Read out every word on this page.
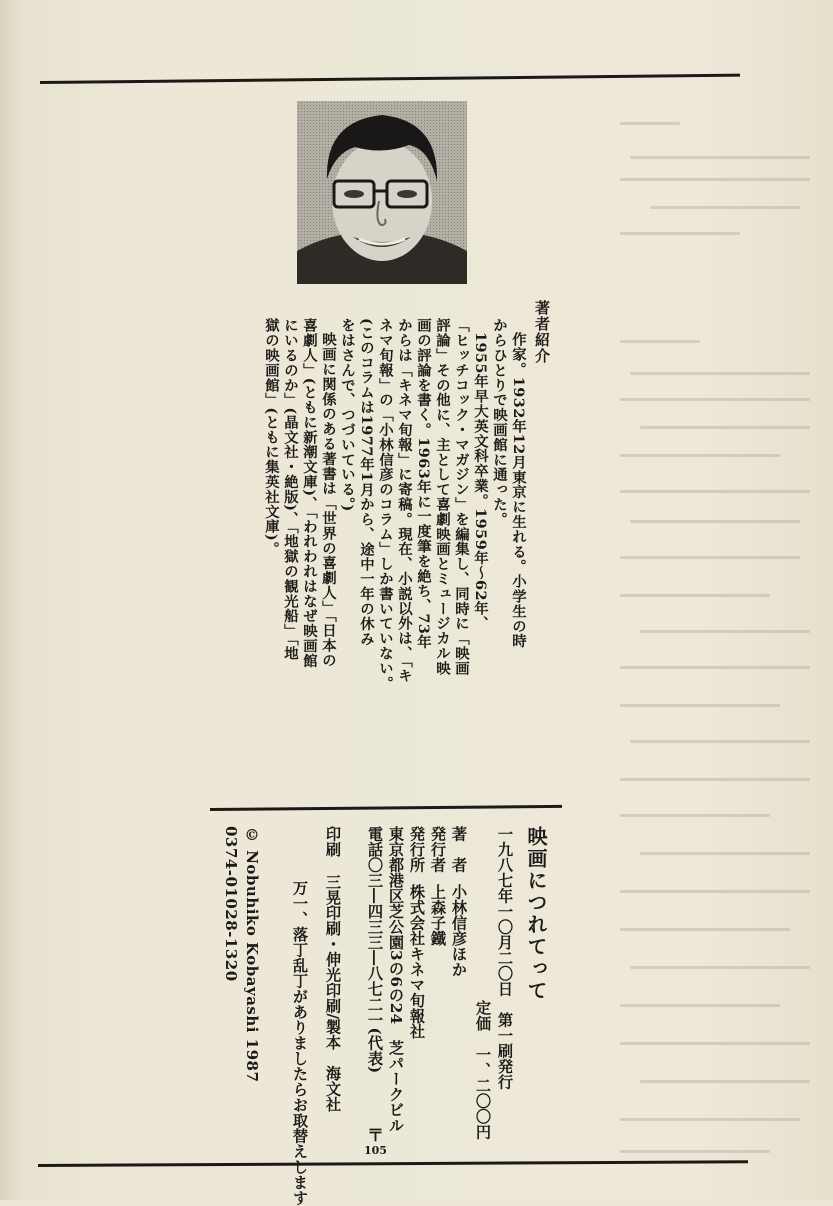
著者紹介
作家。1932年12月東京に生れる。小学生の時
からひとりで映画館に通った。
1955年早大英文科卒業。1959年〜62年、
「ヒッチコック・マガジン」を編集し、同時に「映画
評論」その他に、主として喜劇映画とミュージカル映
画の評論を書く。1963年に一度筆を絶ち、73年
からは「キネマ旬報」に寄稿。現在、小説以外は、「キ
ネマ旬報」の「小林信彦のコラム」しか書いていない。
(このコラムは1977年1月から、途中一年の休み
をはさんで、つづいている。)
映画に関係のある著書は「世界の喜劇人」「日本の
喜劇人」(ともに新潮文庫)、「われわれはなぜ映画館
にいるのか」(晶文社・絶版)、「地獄の観光船」「地
獄の映画館」(ともに集英社文庫)。
映画につれてって
一九八七年一〇月二〇日　第一刷発行
定価　一、二〇〇円
著　者
小林信彦ほか
発行者
上森子鐵
発行所
株式会社キネマ旬報社
東京都港区芝公園3の6の24　芝パークビル
〒
105
電話〇三―四三三―八七二一(代表)
印刷
三晃印刷・伸光印刷/製本　海文社
万一、落丁乱丁がありましたらお取替えします
© Nobuhiko Kobayashi 1987
0374-01028-1320
